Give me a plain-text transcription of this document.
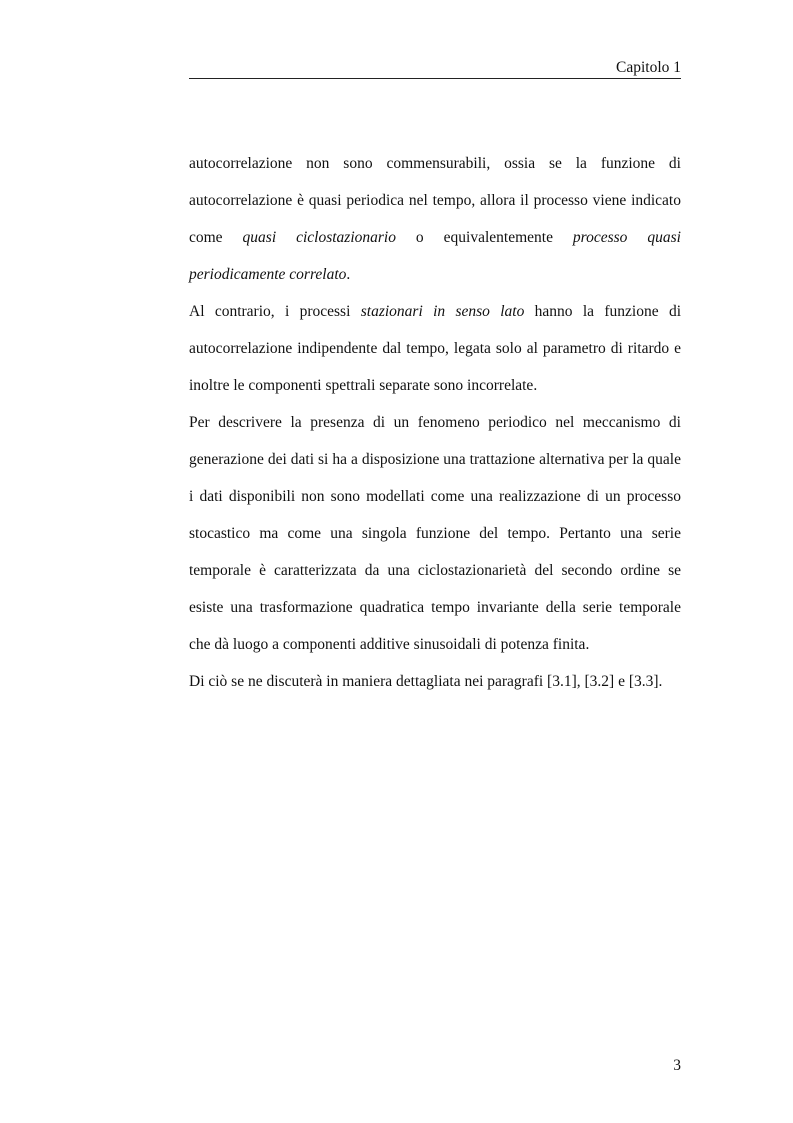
Capitolo 1

autocorrelazione non sono commensurabili, ossia se la funzione di autocorrelazione è quasi periodica nel tempo, allora il processo viene indicato come quasi ciclostazionario o equivalentemente processo quasi periodicamente correlato.

Al contrario, i processi stazionari in senso lato hanno la funzione di autocorrelazione indipendente dal tempo, legata solo al parametro di ritardo e inoltre le componenti spettrali separate sono incorrelate.

Per descrivere la presenza di un fenomeno periodico nel meccanismo di generazione dei dati si ha a disposizione una trattazione alternativa per la quale i dati disponibili non sono modellati come una realizzazione di un processo stocastico ma come una singola funzione del tempo. Pertanto una serie temporale è caratterizzata da una ciclostazionarietà del secondo ordine se esiste una trasformazione quadratica tempo invariante della serie temporale che dà luogo a componenti additive sinusoidali di potenza finita.

Di ciò se ne discuterà in maniera dettagliata nei paragrafi [3.1], [3.2] e [3.3].

3
